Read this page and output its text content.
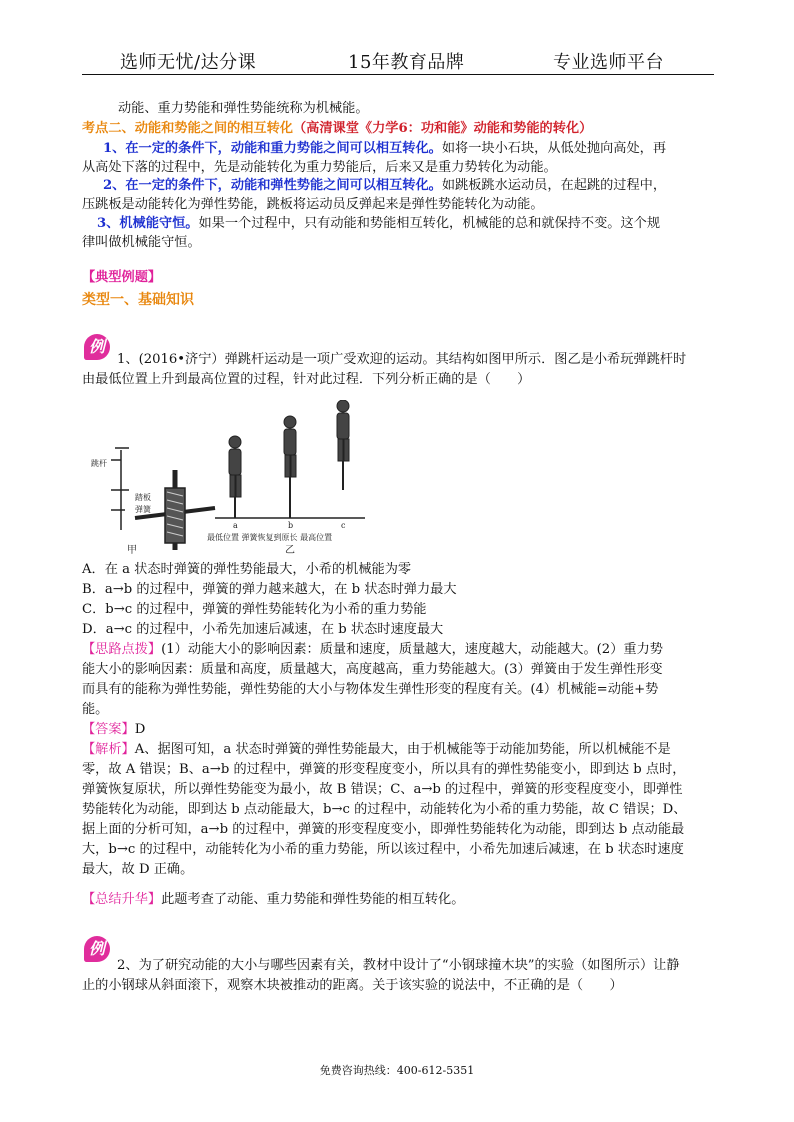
选师无忧/达分课	15年教育品牌	专业选师平台
动能、重力势能和弹性势能统称为机械能。
考点二、动能和势能之间的相互转化（高清课堂《力学6：功和能》动能和势能的转化）
1、在一定的条件下，动能和重力势能之间可以相互转化。如将一块小石块，从低处抛向高处，再
从高处下落的过程中，先是动能转化为重力势能后，后来又是重力势转化为动能。
2、在一定的条件下，动能和弹性势能之间可以相互转化。如跳板跳水运动员，在起跳的过程中，
压跳板是动能转化为弹性势能，跳板将运动员反弹起来是弹性势能转化为动能。
3、机械能守恒。如果一个过程中，只有动能和势能相互转化，机械能的总和就保持不变。这个规
律叫做机械能守恒。
【典型例题】
类型一、基础知识
例
1、(2016•济宁）弹跳杆运动是一项广受欢迎的运动。其结构如图甲所示．图乙是小希玩弹跳杆时
由最低位置上升到最高位置的过程，针对此过程．下列分析正确的是（　　）
跳杆
踏板
弹簧
甲
a	b	c
最低位置 弹簧恢复到原长 最高位置
乙
A．在 a 状态时弹簧的弹性势能最大，小希的机械能为零
B．a→b 的过程中，弹簧的弹力越来越大，在 b 状态时弹力最大
C．b→c 的过程中，弹簧的弹性势能转化为小希的重力势能
D．a→c 的过程中，小希先加速后减速，在 b 状态时速度最大
【思路点拨】(1）动能大小的影响因素：质量和速度，质量越大，速度越大，动能越大。(2）重力势
能大小的影响因素：质量和高度，质量越大，高度越高，重力势能越大。(3）弹簧由于发生弹性形变
而具有的能称为弹性势能，弹性势能的大小与物体发生弹性形变的程度有关。(4）机械能=动能+势
能。
【答案】D
【解析】A、据图可知，a 状态时弹簧的弹性势能最大，由于机械能等于动能加势能，所以机械能不是
零，故 A 错误；B、a→b 的过程中，弹簧的形变程度变小，所以具有的弹性势能变小，即到达 b 点时，
弹簧恢复原状，所以弹性势能变为最小，故 B 错误；C、a→b 的过程中，弹簧的形变程度变小，即弹性
势能转化为动能，即到达 b 点动能最大，b→c 的过程中，动能转化为小希的重力势能，故 C 错误；D、
据上面的分析可知，a→b 的过程中，弹簧的形变程度变小，即弹性势能转化为动能，即到达 b 点动能最
大，b→c 的过程中，动能转化为小希的重力势能，所以该过程中，小希先加速后减速，在 b 状态时速度
最大，故 D 正确。
【总结升华】此题考查了动能、重力势能和弹性势能的相互转化。
例
2、为了研究动能的大小与哪些因素有关，教材中设计了“小钢球撞木块”的实验（如图所示）让静
止的小钢球从斜面滚下，观察木块被推动的距离。关于该实验的说法中，不正确的是（　　）
免费咨询热线：400-612-5351
